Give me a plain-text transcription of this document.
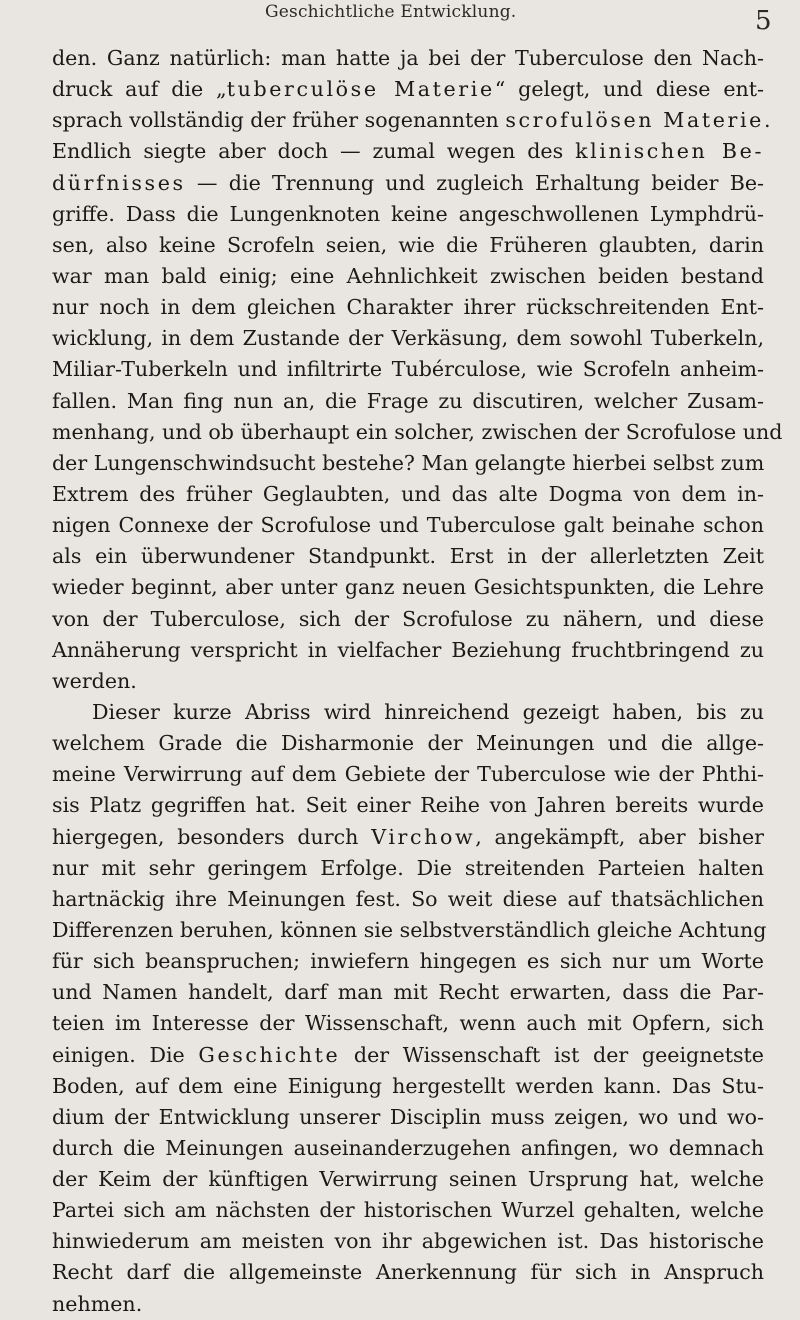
Geschichtliche Entwicklung.	5
den. Ganz natürlich: man hatte ja bei der Tuberculose den Nach-
druck auf die „tuberculöse Materie“ gelegt, und diese ent-
sprach vollständig der früher sogenannten scrofulösen Materie.
Endlich siegte aber doch — zumal wegen des klinischen Be-
dürfnisses — die Trennung und zugleich Erhaltung beider Be-
griffe. Dass die Lungenknoten keine angeschwollenen Lymphdrü-
sen, also keine Scrofeln seien, wie die Früheren glaubten, darin
war man bald einig; eine Aehnlichkeit zwischen beiden bestand
nur noch in dem gleichen Charakter ihrer rückschreitenden Ent-
wicklung, in dem Zustande der Verkäsung, dem sowohl Tuberkeln,
Miliar-Tuberkeln und infiltrirte Tubérculose, wie Scrofeln anheim-
fallen. Man fing nun an, die Frage zu discutiren, welcher Zusam-
menhang, und ob überhaupt ein solcher, zwischen der Scrofulose und
der Lungenschwindsucht bestehe? Man gelangte hierbei selbst zum
Extrem des früher Geglaubten, und das alte Dogma von dem in-
nigen Connexe der Scrofulose und Tuberculose galt beinahe schon
als ein überwundener Standpunkt. Erst in der allerletzten Zeit
wieder beginnt, aber unter ganz neuen Gesichtspunkten, die Lehre
von der Tuberculose, sich der Scrofulose zu nähern, und diese
Annäherung verspricht in vielfacher Beziehung fruchtbringend zu
werden.
Dieser kurze Abriss wird hinreichend gezeigt haben, bis zu
welchem Grade die Disharmonie der Meinungen und die allge-
meine Verwirrung auf dem Gebiete der Tuberculose wie der Phthi-
sis Platz gegriffen hat. Seit einer Reihe von Jahren bereits wurde
hiergegen, besonders durch Virchow, angekämpft, aber bisher
nur mit sehr geringem Erfolge. Die streitenden Parteien halten
hartnäckig ihre Meinungen fest. So weit diese auf thatsächlichen
Differenzen beruhen, können sie selbstverständlich gleiche Achtung
für sich beanspruchen; inwiefern hingegen es sich nur um Worte
und Namen handelt, darf man mit Recht erwarten, dass die Par-
teien im Interesse der Wissenschaft, wenn auch mit Opfern, sich
einigen. Die Geschichte der Wissenschaft ist der geeignetste
Boden, auf dem eine Einigung hergestellt werden kann. Das Stu-
dium der Entwicklung unserer Disciplin muss zeigen, wo und wo-
durch die Meinungen auseinanderzugehen anfingen, wo demnach
der Keim der künftigen Verwirrung seinen Ursprung hat, welche
Partei sich am nächsten der historischen Wurzel gehalten, welche
hinwiederum am meisten von ihr abgewichen ist. Das historische
Recht darf die allgemeinste Anerkennung für sich in Anspruch
nehmen.
